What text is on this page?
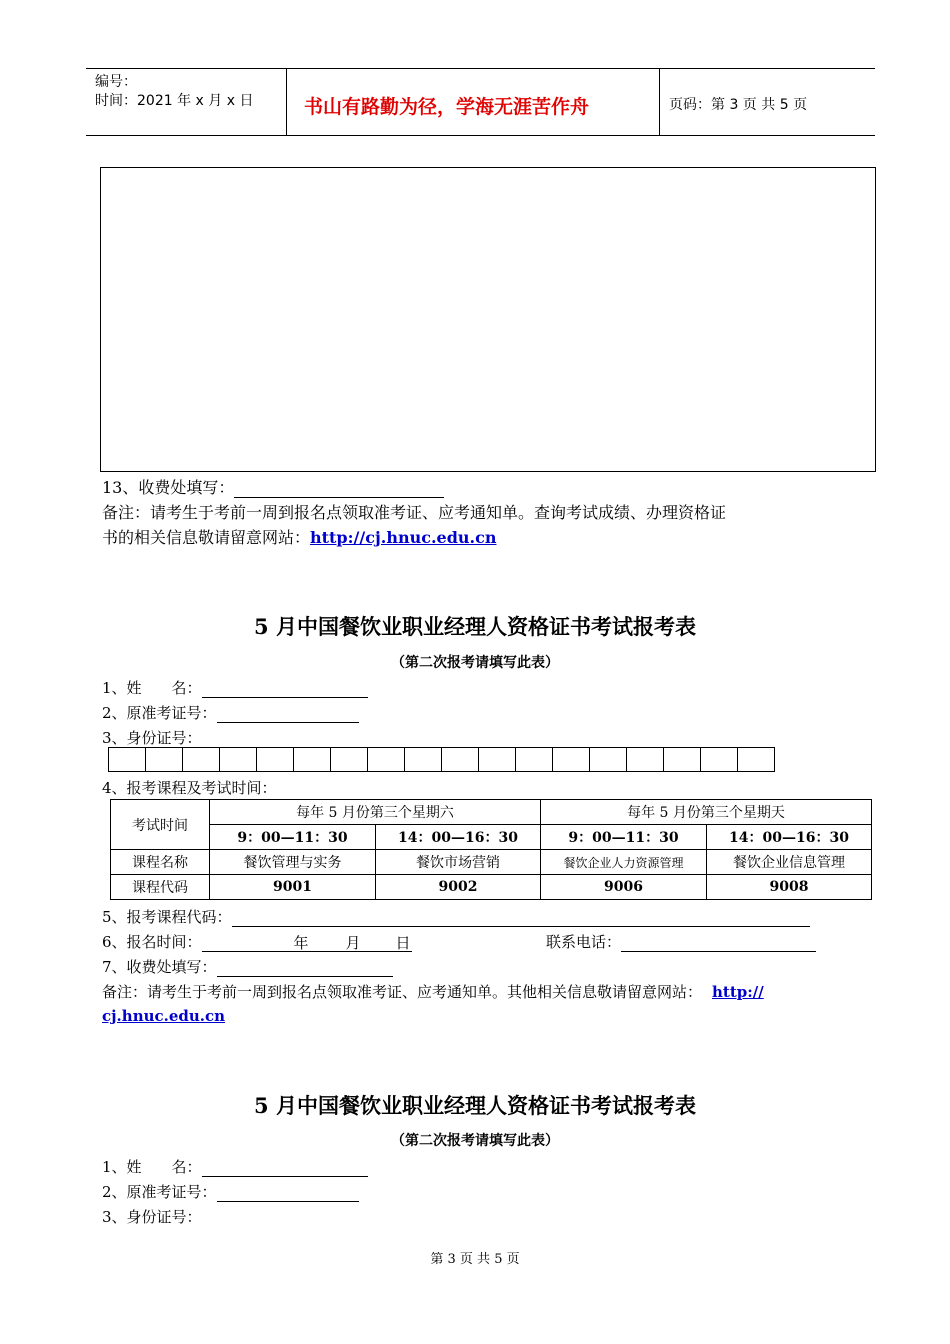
编号：
时间：2021 年 x 月 x 日	书山有路勤为径，学海无涯苦作舟	页码：第 3 页 共 5 页
13、收费处填写：
备注：请考生于考前一周到报名点领取准考证、应考通知单。查询考试成绩、办理资格证
书的相关信息敬请留意网站：http://cj.hnuc.edu.cn
5 月中国餐饮业职业经理人资格证书考试报考表
（第二次报考请填写此表）
1、姓　　名：
2、原准考证号：
3、身份证号：

4、报考课程及考试时间：
考试时间	每年 5 月份第三个星期六		每年 5 月份第三个星期天	
	9：00—11：30	14：00—16：30	9：00—11：30	14：00—16：30
课程名称	餐饮管理与实务	餐饮市场营销	餐饮企业人力资源管理	餐饮企业信息管理
课程代码	9001	9002	9006	9008
5、报考课程代码：
6、报名时间：	年 月 日	联系电话：
7、收费处填写：
备注：请考生于考前一周到报名点领取准考证、应考通知单。其他相关信息敬请留意网站： http://
cj.hnuc.edu.cn
5 月中国餐饮业职业经理人资格证书考试报考表
（第二次报考请填写此表）
1、姓　　名：
2、原准考证号：
3、身份证号：
第 3 页 共 5 页
